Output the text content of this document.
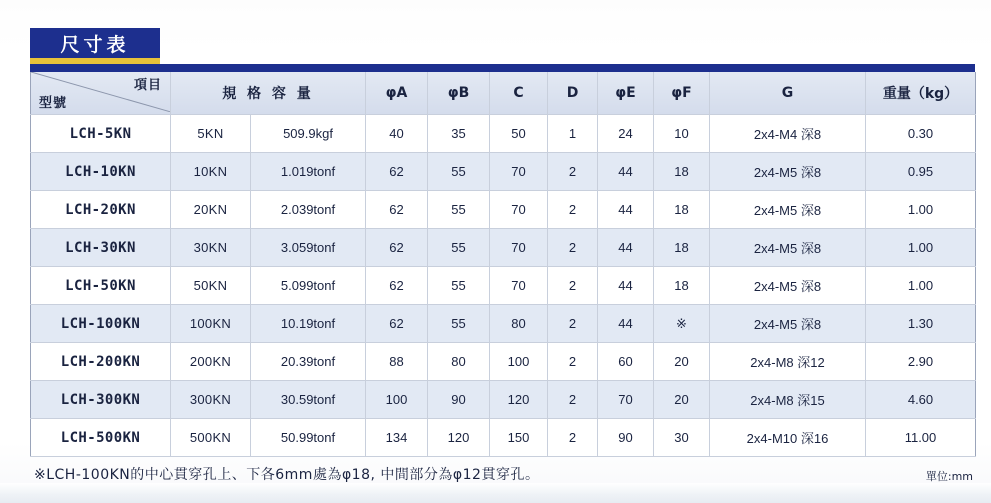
尺寸表
項目
型號	規 格 容 量		φA	φB	C	D	φE	φF	G	重量（kg）
LCH-5KN	5KN	509.9kgf	40	35	50	1	24	10	2x4-M4 深8	0.30
LCH-10KN	10KN	1.019tonf	62	55	70	2	44	18	2x4-M5 深8	0.95
LCH-20KN	20KN	2.039tonf	62	55	70	2	44	18	2x4-M5 深8	1.00
LCH-30KN	30KN	3.059tonf	62	55	70	2	44	18	2x4-M5 深8	1.00
LCH-50KN	50KN	5.099tonf	62	55	70	2	44	18	2x4-M5 深8	1.00
LCH-100KN	100KN	10.19tonf	62	55	80	2	44	※	2x4-M5 深8	1.30
LCH-200KN	200KN	20.39tonf	88	80	100	2	60	20	2x4-M8 深12	2.90
LCH-300KN	300KN	30.59tonf	100	90	120	2	70	20	2x4-M8 深15	4.60
LCH-500KN	500KN	50.99tonf	134	120	150	2	90	30	2x4-M10 深16	11.00
※LCH-100KN的中心貫穿孔上、下各6mm處為φ18, 中間部分為φ12貫穿孔。	單位:mm
